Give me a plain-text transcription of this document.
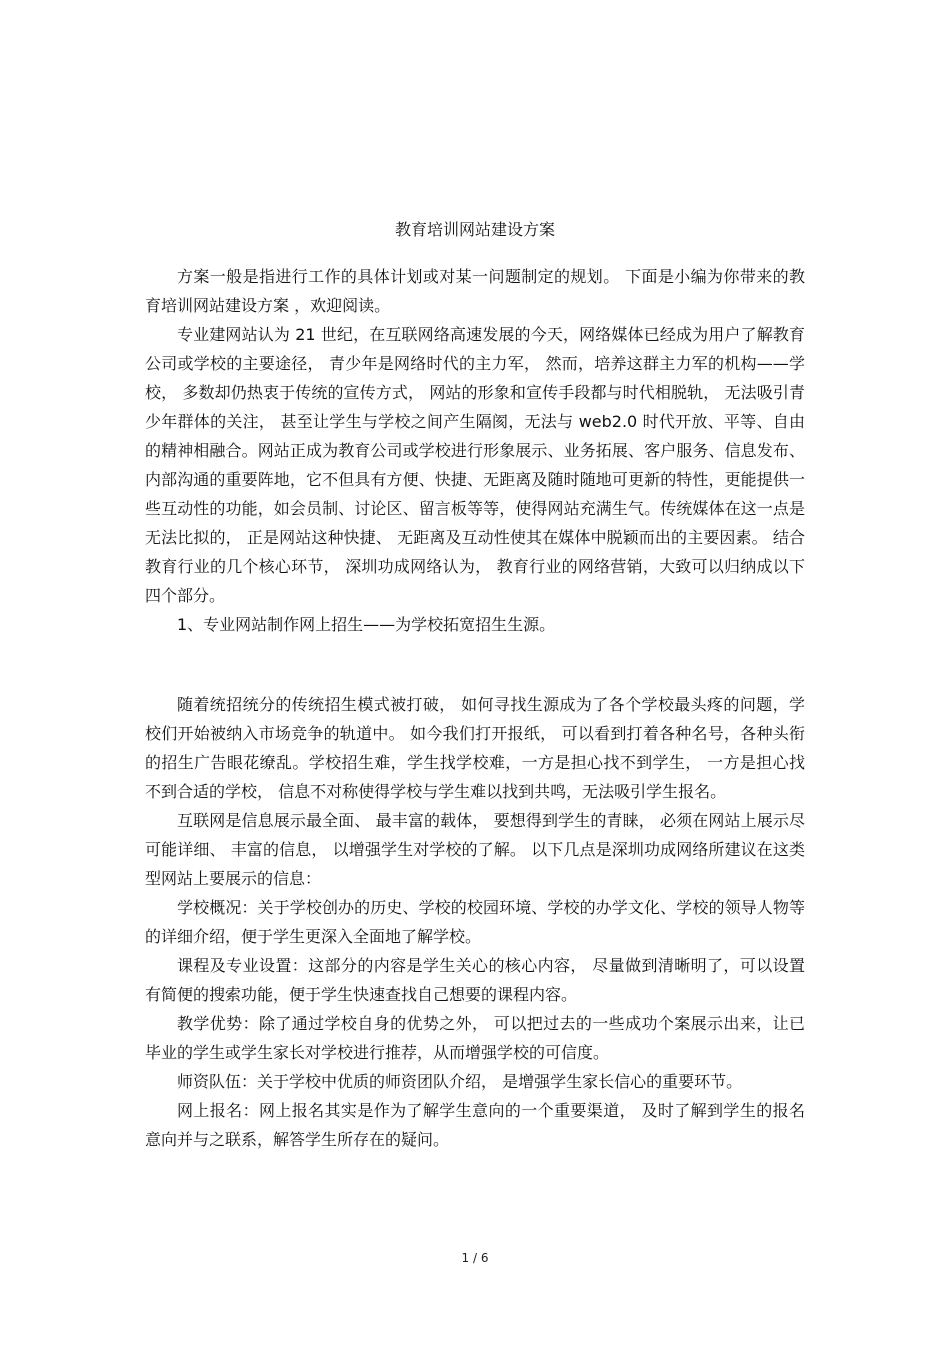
教育培训网站建设方案
方案一般是指进行工作的具体计划或对某一问题制定的规划。 下面是小编为你带来的教育培训网站建设方案 ，欢迎阅读。
专业建网站认为 21 世纪，在互联网络高速发展的今天，网络媒体已经成为用户了解教育公司或学校的主要途径， 青少年是网络时代的主力军， 然而，培养这群主力军的机构——学校， 多数却仍热衷于传统的宣传方式， 网站的形象和宣传手段都与时代相脱轨， 无法吸引青少年群体的关注， 甚至让学生与学校之间产生隔阂，无法与 web2.0 时代开放、平等、自由的精神相融合。网站正成为教育公司或学校进行形象展示、业务拓展、客户服务、信息发布、内部沟通的重要阵地，它不但具有方便、快捷、无距离及随时随地可更新的特性，更能提供一些互动性的功能，如会员制、讨论区、留言板等等，使得网站充满生气。传统媒体在这一点是无法比拟的， 正是网站这种快捷、 无距离及互动性使其在媒体中脱颖而出的主要因素。 结合教育行业的几个核心环节， 深圳功成网络认为， 教育行业的网络营销，大致可以归纳成以下四个部分。
1、专业网站制作网上招生——为学校拓宽招生生源。
随着统招统分的传统招生模式被打破， 如何寻找生源成为了各个学校最头疼的问题，学校们开始被纳入市场竞争的轨道中。 如今我们打开报纸， 可以看到打着各种名号，各种头衔的招生广告眼花缭乱。学校招生难，学生找学校难，一方是担心找不到学生， 一方是担心找不到合适的学校， 信息不对称使得学校与学生难以找到共鸣，无法吸引学生报名。
互联网是信息展示最全面、 最丰富的载体， 要想得到学生的青睐， 必须在网站上展示尽可能详细、 丰富的信息， 以增强学生对学校的了解。 以下几点是深圳功成网络所建议在这类型网站上要展示的信息：
学校概况：关于学校创办的历史、学校的校园环境、学校的办学文化、学校的领导人物等的详细介绍，便于学生更深入全面地了解学校。
课程及专业设置：这部分的内容是学生关心的核心内容， 尽量做到清晰明了，可以设置有简便的搜索功能，便于学生快速查找自己想要的课程内容。
教学优势：除了通过学校自身的优势之外， 可以把过去的一些成功个案展示出来，让已毕业的学生或学生家长对学校进行推荐，从而增强学校的可信度。
师资队伍：关于学校中优质的师资团队介绍， 是增强学生家长信心的重要环节。
网上报名：网上报名其实是作为了解学生意向的一个重要渠道， 及时了解到学生的报名意向并与之联系，解答学生所存在的疑问。
1 / 6
